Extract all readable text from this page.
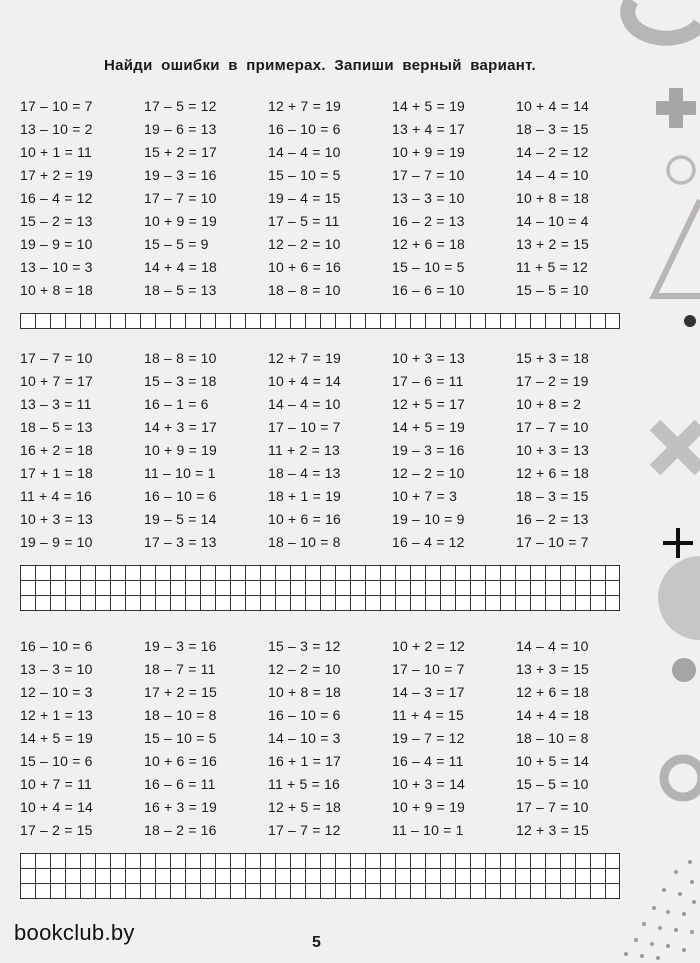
Найди ошибки в примерах. Запиши верный вариант.
17 – 10 = 7	17 – 5 = 12	12 + 7 = 19	14 + 5 = 19	10 + 4 = 14
13 – 10 = 2	19 – 6 = 13	16 – 10 = 6	13 + 4 = 17	18 – 3 = 15
10 + 1 = 11	15 + 2 = 17	14 – 4 = 10	10 + 9 = 19	14 – 2 = 12
17 + 2 = 19	19 – 3 = 16	15 – 10 = 5	17 – 7 = 10	14 – 4 = 10
16 – 4 = 12	17 – 7 = 10	19 – 4 = 15	13 – 3 = 10	10 + 8 = 18
15 – 2 = 13	10 + 9 = 19	17 – 5 = 11	16 – 2 = 13	14 – 10 = 4
19 – 9 = 10	15 – 5 = 9	12 – 2 = 10	12 + 6 = 18	13 + 2 = 15
13 – 10 = 3	14 + 4 = 18	10 + 6 = 16	15 – 10 = 5	11 + 5 = 12
10 + 8 = 18	18 – 5 = 13	18 – 8 = 10	16 – 6 = 10	15 – 5 = 10
17 – 7 = 10	18 – 8 = 10	12 + 7 = 19	10 + 3 = 13	15 + 3 = 18
10 + 7 = 17	15 – 3 = 18	10 + 4 = 14	17 – 6 = 11	17 – 2 = 19
13 – 3 = 11	16 – 1 = 6	14 – 4 = 10	12 + 5 = 17	10 + 8 = 2
18 – 5 = 13	14 + 3 = 17	17 – 10 = 7	14 + 5 = 19	17 – 7 = 10
16 + 2 = 18	10 + 9 = 19	11 + 2 = 13	19 – 3 = 16	10 + 3 = 13
17 + 1 = 18	11 – 10 = 1	18 – 4 = 13	12 – 2 = 10	12 + 6 = 18
11 + 4 = 16	16 – 10 = 6	18 + 1 = 19	10 + 7 = 3	18 – 3 = 15
10 + 3 = 13	19 – 5 = 14	10 + 6 = 16	19 – 10 = 9	16 – 2 = 13
19 – 9 = 10	17 – 3 = 13	18 – 10 = 8	16 – 4 = 12	17 – 10 = 7
16 – 10 = 6	19 – 3 = 16	15 – 3 = 12	10 + 2 = 12	14 – 4 = 10
13 – 3 = 10	18 – 7 = 11	12 – 2 = 10	17 – 10 = 7	13 + 3 = 15
12 – 10 = 3	17 + 2 = 15	10 + 8 = 18	14 – 3 = 17	12 + 6 = 18
12 + 1 = 13	18 – 10 = 8	16 – 10 = 6	11 + 4 = 15	14 + 4 = 18
14 + 5 = 19	15 – 10 = 5	14 – 10 = 3	19 – 7 = 12	18 – 10 = 8
15 – 10 = 6	10 + 6 = 16	16 + 1 = 17	16 – 4 = 11	10 + 5 = 14
10 + 7 = 11	16 – 6 = 11	11 + 5 = 16	10 + 3 = 14	15 – 5 = 10
10 + 4 = 14	16 + 3 = 19	12 + 5 = 18	10 + 9 = 19	17 – 7 = 10
17 – 2 = 15	18 – 2 = 16	17 – 7 = 12	11 – 10 = 1	12 + 3 = 15
bookclub.by	5
